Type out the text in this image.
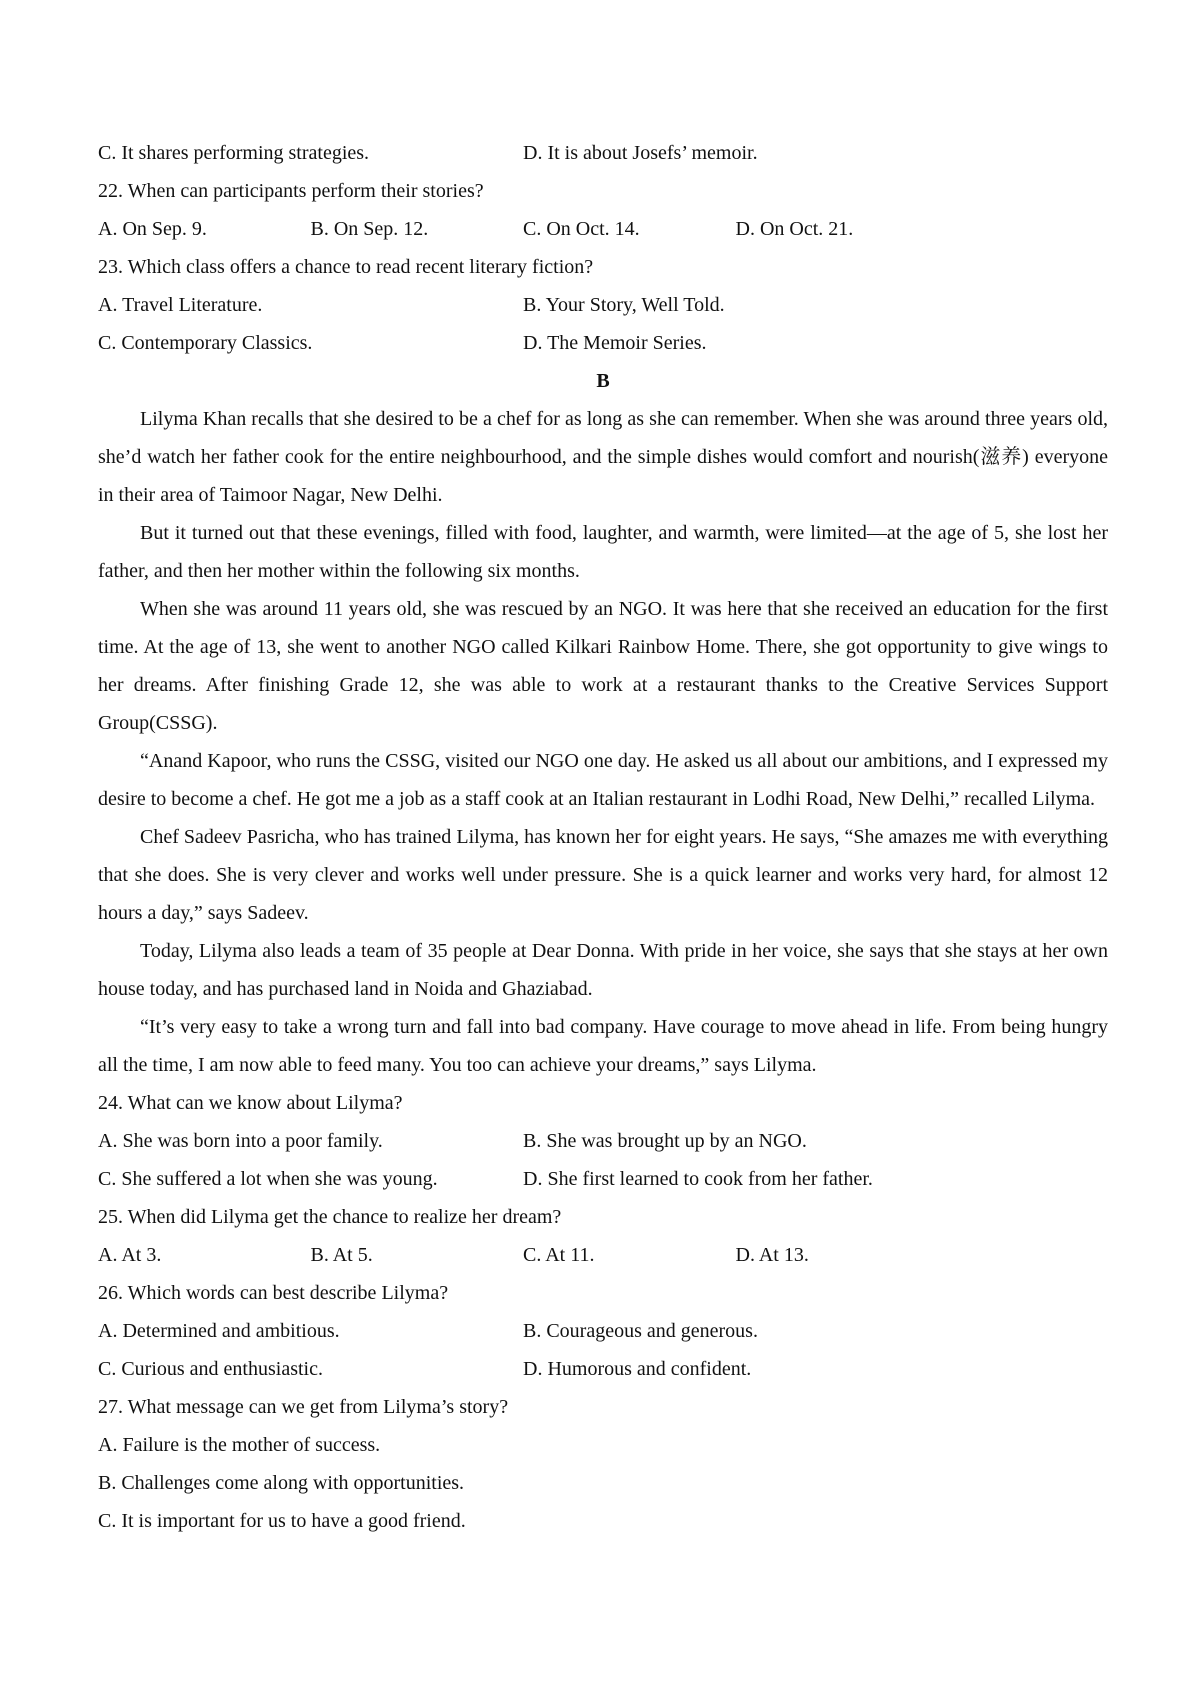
C. It shares performing strategies.	D. It is about Josefs’ memoir.
22. When can participants perform their stories?
A. On Sep. 9.	B. On Sep. 12.	C. On Oct. 14.	D. On Oct. 21.
23. Which class offers a chance to read recent literary fiction?
A. Travel Literature.	B. Your Story, Well Told.
C. Contemporary Classics.	D. The Memoir Series.
B

Lilyma Khan recalls that she desired to be a chef for as long as she can remember. When she was around three years old, she’d watch her father cook for the entire neighbourhood, and the simple dishes would comfort and nourish(滋养) everyone in their area of Taimoor Nagar, New Delhi.

But it turned out that these evenings, filled with food, laughter, and warmth, were limited—at the age of 5, she lost her father, and then her mother within the following six months.

When she was around 11 years old, she was rescued by an NGO. It was here that she received an education for the first time. At the age of 13, she went to another NGO called Kilkari Rainbow Home. There, she got opportunity to give wings to her dreams. After finishing Grade 12, she was able to work at a restaurant thanks to the Creative Services Support Group(CSSG).

“Anand Kapoor, who runs the CSSG, visited our NGO one day. He asked us all about our ambitions, and I expressed my desire to become a chef. He got me a job as a staff cook at an Italian restaurant in Lodhi Road, New Delhi,” recalled Lilyma.

Chef Sadeev Pasricha, who has trained Lilyma, has known her for eight years. He says, “She amazes me with everything that she does. She is very clever and works well under pressure. She is a quick learner and works very hard, for almost 12 hours a day,” says Sadeev.

Today, Lilyma also leads a team of 35 people at Dear Donna. With pride in her voice, she says that she stays at her own house today, and has purchased land in Noida and Ghaziabad.

“It’s very easy to take a wrong turn and fall into bad company. Have courage to move ahead in life. From being hungry all the time, I am now able to feed many. You too can achieve your dreams,” says Lilyma.

24. What can we know about Lilyma?
A. She was born into a poor family.	B. She was brought up by an NGO.
C. She suffered a lot when she was young.	D. She first learned to cook from her father.
25. When did Lilyma get the chance to realize her dream?
A. At 3.	B. At 5.	C. At 11.	D. At 13.
26. Which words can best describe Lilyma?
A. Determined and ambitious.	B. Courageous and generous.
C. Curious and enthusiastic.	D. Humorous and confident.
27. What message can we get from Lilyma’s story?
A. Failure is the mother of success.
B. Challenges come along with opportunities.
C. It is important for us to have a good friend.
